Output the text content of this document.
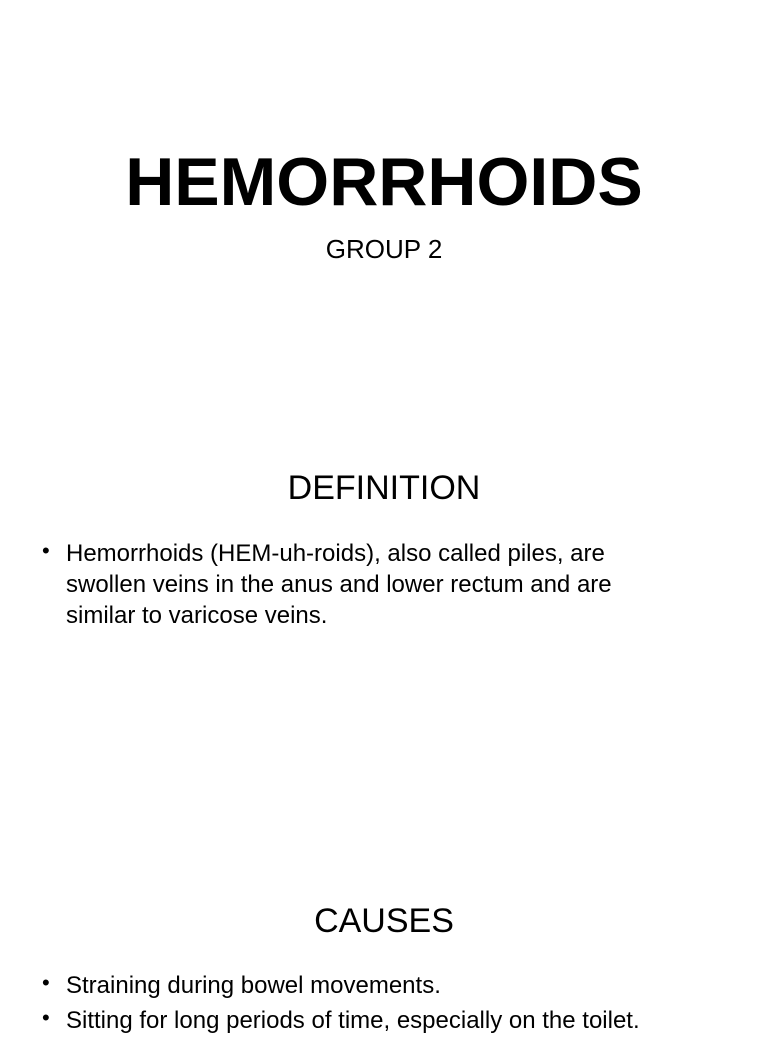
HEMORRHOIDS
GROUP 2
DEFINITION
• Hemorrhoids (HEM-uh-roids), also called piles, are swollen veins in the anus and lower rectum and are similar to varicose veins.
CAUSES
• Straining during bowel movements.
• Sitting for long periods of time, especially on the toilet.
